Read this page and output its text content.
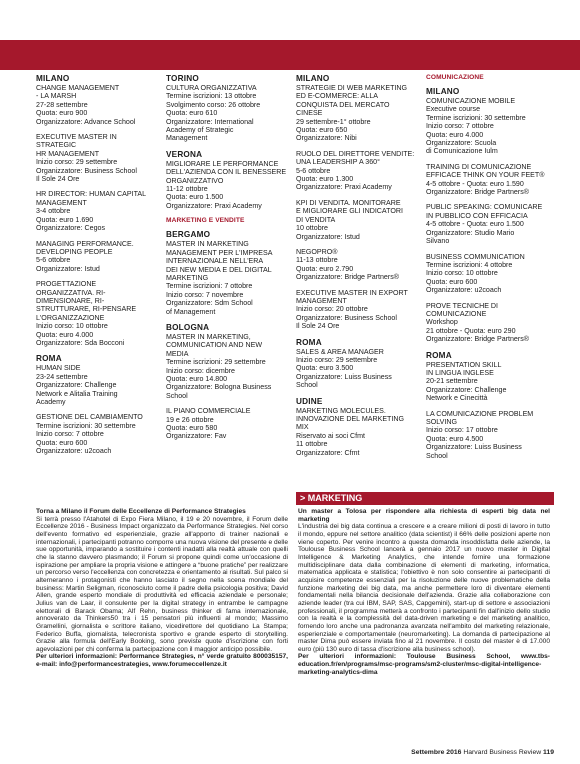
MILANO
CHANGE MANAGEMENT
- LA MARSH
27-28 settembre
Quota: euro 900
Organizzatore: Advance School
EXECUTIVE MASTER IN STRATEGIC
HR MANAGEMENT
Inizio corso: 29 settembre
Organizzatore: Business School
Il Sole 24 Ore
HR DIRECTOR: HUMAN CAPITAL
MANAGEMENT
3-4 ottobre
Quota: euro 1.690
Organizzatore: Cegos
MANAGING PERFORMANCE.
DEVELOPING PEOPLE
5-6 ottobre
Organizzatore: Istud
PROGETTAZIONE
ORGANIZZATIVA. RI-
DIMENSIONARE, RI-
STRUTTURARE, RI-PENSARE
L'ORGANIZZAZIONE
Inizio corso: 10 ottobre
Quota: euro 4.000
Organizzatore: Sda Bocconi
ROMA
HUMAN SIDE
23-24 settembre
Organizzatore: Challenge
Network e Alitalia Training
Academy
GESTIONE DEL CAMBIAMENTO
Termine iscrizioni: 30 settembre
Inizio corso: 7 ottobre
Quota: euro 600
Organizzatore: u2coach
TORINO
CULTURA ORGANIZZATIVA
Termine iscrizioni: 13 ottobre
Svolgimento corso: 26 ottobre
Quota: euro 610
Organizzatore: International
Academy of Strategic
Management
VERONA
MIGLIORARE LE PERFORMANCE
DELL'AZIENDA CON IL BENESSERE
ORGANIZZATIVO
11-12 ottobre
Quota: euro 1.500
Organizzatore: Praxi Academy
MARKETING E VENDITE
BERGAMO
MASTER IN MARKETING
MANAGEMENT PER L'IMPRESA
INTERNAZIONALE NELL'ERA
DEI NEW MEDIA E DEL DIGITAL
MARKETING
Termine iscrizioni: 7 ottobre
Inizio corso: 7 novembre
Organizzatore: Sdm School
of Management
BOLOGNA
MASTER IN MARKETING,
COMMUNICATION AND NEW
MEDIA
Termine iscrizioni: 29 settembre
Inizio corso: dicembre
Quota: euro 14.800
Organizzatore: Bologna Business
School
IL PIANO COMMERCIALE
19 e 26 ottobre
Quota: euro 580
Organizzatore: Fav
MILANO
STRATEGIE DI WEB MARKETING
ED E-COMMERCE: ALLA
CONQUISTA DEL MERCATO
CINESE
29 settembre-1° ottobre
Quota: euro 650
Organizzatore: Nibi
RUOLO DEL DIRETTORE VENDITE:
UNA LEADERSHIP A 360°
5-6 ottobre
Quota: euro 1.300
Organizzatore: Praxi Academy
KPI DI VENDITA. MONITORARE
E MIGLIORARE GLI INDICATORI
DI VENDITA
10 ottobre
Organizzatore: Istud
NEGOPRO®
11-13 ottobre
Quota: euro 2.790
Organizzatore: Bridge Partners®
EXECUTIVE MASTER IN EXPORT
MANAGEMENT
Inizio corso: 20 ottobre
Organizzatore: Business School
Il Sole 24 Ore
ROMA
SALES & AREA MANAGER
Inizio corso: 29 settembre
Quota: euro 3.500
Organizzatore: Luiss Business
School
UDINE
MARKETING MOLECULES.
INNOVAZIONE DEL MARKETING MIX
Riservato ai soci Cfmt
11 ottobre
Organizzatore: Cfmt
COMUNICAZIONE
MILANO
COMUNICAZIONE MOBILE
Executive course
Termine iscrizioni: 30 settembre
Inizio corso: 7 ottobre
Quota: euro 4.000
Organizzatore: Scuola
di Comunicazione Iulm
TRAINING DI COMUNICAZIONE
EFFICACE THINK ON YOUR FEET®
4-5 ottobre - Quota: euro 1.590
Organizzatore: Bridge Partners®
PUBLIC SPEAKING: COMUNICARE
IN PUBBLICO CON EFFICACIA
4-5 ottobre - Quota: euro 1.500
Organizzatore: Studio Mario
Silvano
BUSINESS COMMUNICATION
Termine iscrizioni: 4 ottobre
Inizio corso: 10 ottobre
Quota: euro 600
Organizzatore: u2coach
PROVE TECNICHE DI COMUNICAZIONE
Workshop
21 ottobre - Quota: euro 290
Organizzatore: Bridge Partners®
ROMA
PRESENTATION SKILL
IN LINGUA INGLESE
20-21 settembre
Organizzatore: Challenge
Network e Cinecittà
LA COMUNICAZIONE PROBLEM
SOLVING
Inizio corso: 17 ottobre
Quota: euro 4.500
Organizzatore: Luiss Business
School
> MARKETING
Torna a Milano il Forum delle Eccellenze di Performance Strategies
Si terrà presso l'Atahotel di Expo Fiera Milano, il 19 e 20 novembre, il Forum delle Eccellenze 2016 - Business Impact organizzato da Performance Strategies. Nel corso dell'evento formativo ed esperienziale, grazie all'apporto di trainer nazionali e internazionali, i partecipanti potranno comporre una nuova visione del presente e delle sue opportunità, imparando a sostituire i contenti inadatti alla realtà attuale con quelli che la stanno davvero plasmando; il Forum si propone quindi come un'occasione di ispirazione per ampliare la propria visione e attingere a “buone pratiche” per realizzare un percorso verso l'eccellenza con concretezza e orientamento ai risultati. Sul palco si alterneranno i protagonisti che hanno lasciato il segno nella scena mondiale del business: Martin Seligman, riconosciuto come il padre della psicologia positiva; David Allen, grande esperto mondiale di produttività ed efficacia aziendale e personale; Julius van de Laar, il consulente per la digital strategy in entrambe le campagne elettorali di Barack Obama; Alf Rehn, business thinker di fama internazionale, annoverato da Thinkers50 tra i 15 pensatori più influenti al mondo; Massimo Gramellini, giornalista e scrittore italiano, vicedirettore del quotidiano La Stampa; Federico Buffa, giornalista, telecronista sportivo e grande esperto di storytelling. Grazie alla formula dell'Early Booking, sono previste quote d'iscrizione con forti agevolazioni per chi conferma la partecipazione con il maggior anticipo possibile.
Per ulteriori informazioni: Performance Strategies, n° verde gratuito 800035157, e-mail: info@performancestrategies, www.forumeccellenze.it
Un master a Tolosa per rispondere alla richiesta di esperti big data nel marketing
L'industria dei big data continua a crescere e a creare milioni di posti di lavoro in tutto il mondo, eppure nel settore analitico (data scientist) il 66% delle posizioni aperte non viene coperto. Per venire incontro a questa domanda insoddisfatta delle aziende, la Toulouse Business School lancerà a gennaio 2017 un nuovo master in Digital Intelligence & Marketing Analytics, che intende fornire una formazione multidisciplinare data dalla combinazione di elementi di marketing, informatica, matematica applicata e statistica; l'obiettivo è non solo consentire ai partecipanti di acquisire competenze essenziali per la risoluzione delle nuove problematiche della funzione marketing dei big data, ma anche permettere loro di diventare elementi fondamentali nella bilancia decisionale dell'azienda. Grazie alla collaborazione con aziende leader (tra cui IBM, SAP, SAS, Capgemini), start-up di settore e associazioni professionali, il programma metterà a confronto i partecipanti fin dall'inizio dello studio con la realtà e la complessità del data-driven marketing e del marketing analitico, fornendo loro anche una padronanza avanzata nell'ambito del marketing relazionale, esperienziale e comportamentale (neuromarketing). La domanda di partecipazione al master Dima può essere inviata fino al 21 novembre. Il costo del master è di 17.000 euro (più 130 euro di tassa d'iscrizione alla business school).
Per ulteriori informazioni: Toulouse Business School, www.tbs-education.fr/en/programs/msc-programs/sm2-cluster/msc-digital-intelligence-marketing-analytics-dima
Settembre 2016 Harvard Business Review 119
